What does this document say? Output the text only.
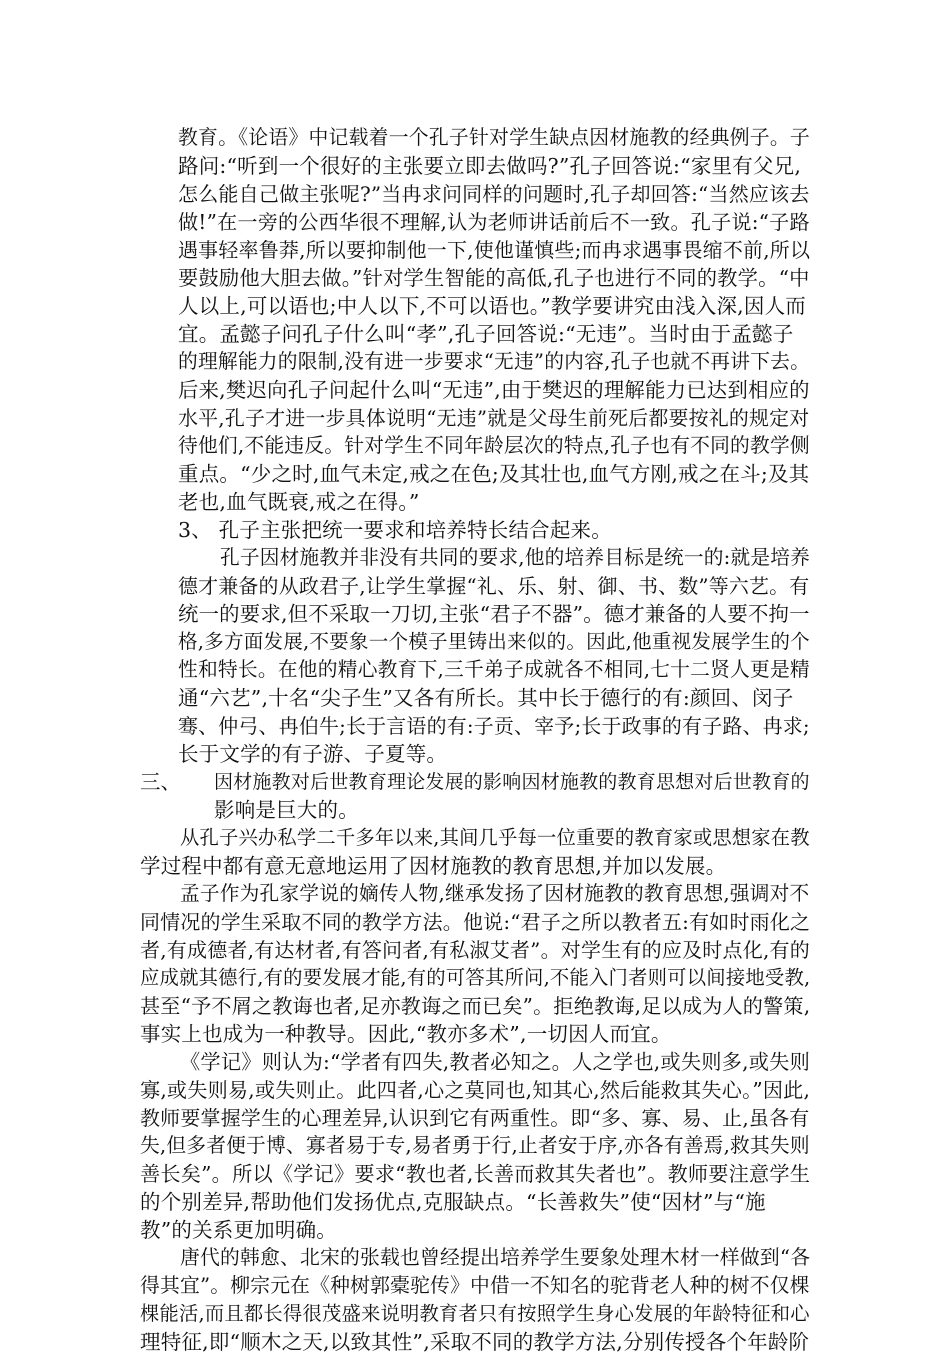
教育。《论语》中记载着一个孔子针对学生缺点因材施教的经典例子。子
路问:“听到一个很好的主张要立即去做吗?”孔子回答说:“家里有父兄,
怎么能自己做主张呢?”当冉求问同样的问题时,孔子却回答:“当然应该去
做!”在一旁的公西华很不理解,认为老师讲话前后不一致。孔子说:“子路
遇事轻率鲁莽,所以要抑制他一下,使他谨慎些;而冉求遇事畏缩不前,所以
要鼓励他大胆去做。”针对学生智能的高低,孔子也进行不同的教学。“中
人以上,可以语也;中人以下,不可以语也。”教学要讲究由浅入深,因人而
宜。孟懿子问孔子什么叫“孝”,孔子回答说:“无违”。当时由于孟懿子
的理解能力的限制,没有进一步要求“无违”的内容,孔子也就不再讲下去。
后来,樊迟向孔子问起什么叫“无违”,由于樊迟的理解能力已达到相应的
水平,孔子才进一步具体说明“无违”就是父母生前死后都要按礼的规定对
待他们,不能违反。针对学生不同年龄层次的特点,孔子也有不同的教学侧
重点。“少之时,血气未定,戒之在色;及其壮也,血气方刚,戒之在斗;及其
老也,血气既衰,戒之在得。”
3、 孔子主张把统一要求和培养特长结合起来。
孔子因材施教并非没有共同的要求,他的培养目标是统一的:就是培养
德才兼备的从政君子,让学生掌握“礼、乐、射、御、书、数”等六艺。有
统一的要求,但不采取一刀切,主张“君子不器”。德才兼备的人要不拘一
格,多方面发展,不要象一个模子里铸出来似的。因此,他重视发展学生的个
性和特长。在他的精心教育下,三千弟子成就各不相同,七十二贤人更是精
通“六艺”,十名“尖子生”又各有所长。其中长于德行的有:颜回、闵子
骞、仲弓、冉伯牛;长于言语的有:子贡、宰予;长于政事的有子路、冉求;
长于文学的有子游、子夏等。
三、 因材施教对后世教育理论发展的影响因材施教的教育思想对后世教育的
影响是巨大的。
从孔子兴办私学二千多年以来,其间几乎每一位重要的教育家或思想家在教
学过程中都有意无意地运用了因材施教的教育思想,并加以发展。
孟子作为孔家学说的嫡传人物,继承发扬了因材施教的教育思想,强调对不
同情况的学生采取不同的教学方法。他说:“君子之所以教者五:有如时雨化之
者,有成德者,有达材者,有答问者,有私淑艾者”。对学生有的应及时点化,有的
应成就其德行,有的要发展才能,有的可答其所问,不能入门者则可以间接地受教,
甚至“予不屑之教诲也者,足亦教诲之而已矣”。拒绝教诲,足以成为人的警策,
事实上也成为一种教导。因此,“教亦多术”,一切因人而宜。
《学记》则认为:“学者有四失,教者必知之。人之学也,或失则多,或失则
寡,或失则易,或失则止。此四者,心之莫同也,知其心,然后能救其失心。”因此,
教师要掌握学生的心理差异,认识到它有两重性。即“多、寡、易、止,虽各有
失,但多者便于博、寡者易于专,易者勇于行,止者安于序,亦各有善焉,救其失则
善长矣”。所以《学记》要求“教也者,长善而救其失者也”。教师要注意学生
的个别差异,帮助他们发扬优点,克服缺点。“长善救失”使“因材”与“施
教”的关系更加明确。
唐代的韩愈、北宋的张载也曾经提出培养学生要象处理木材一样做到“各
得其宜”。柳宗元在《种树郭橐驼传》中借一不知名的驼背老人种的树不仅棵
棵能活,而且都长得很茂盛来说明教育者只有按照学生身心发展的年龄特征和心
理特征,即“顺木之天,以致其性”,采取不同的教学方法,分别传授各个年龄阶
